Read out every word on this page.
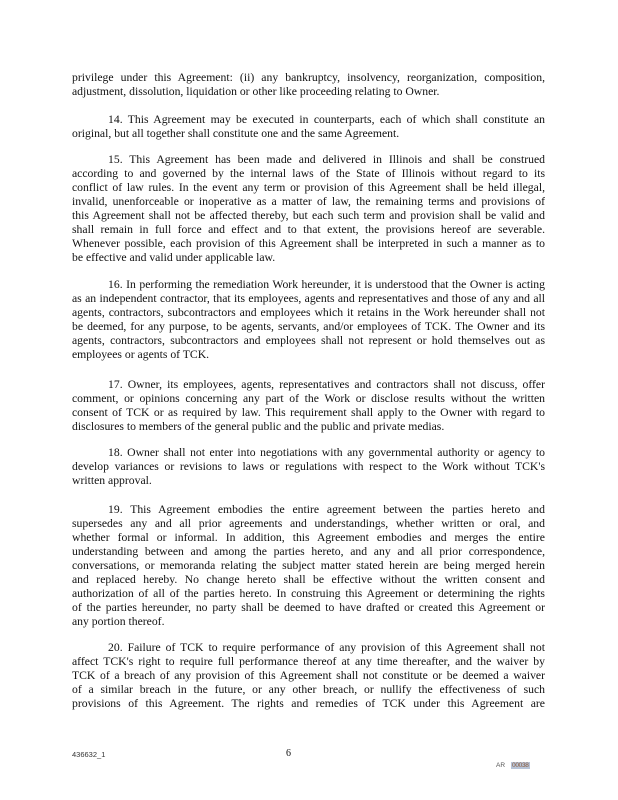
privilege under this Agreement: (ii) any bankruptcy, insolvency, reorganization, composition,
adjustment, dissolution, liquidation or other like proceeding relating to Owner.
14. This Agreement may be executed in counterparts, each of which shall constitute an
original, but all together shall constitute one and the same Agreement.
15. This Agreement has been made and delivered in Illinois and shall be construed
according to and governed by the internal laws of the State of Illinois without regard to its
conflict of law rules. In the event any term or provision of this Agreement shall be held illegal,
invalid, unenforceable or inoperative as a matter of law, the remaining terms and provisions of
this Agreement shall not be affected thereby, but each such term and provision shall be valid and
shall remain in full force and effect and to that extent, the provisions hereof are severable.
Whenever possible, each provision of this Agreement shall be interpreted in such a manner as to
be effective and valid under applicable law.
16. In performing the remediation Work hereunder, it is understood that the Owner is acting
as an independent contractor, that its employees, agents and representatives and those of any and all
agents, contractors, subcontractors and employees which it retains in the Work hereunder shall not
be deemed, for any purpose, to be agents, servants, and/or employees of TCK. The Owner and its
agents, contractors, subcontractors and employees shall not represent or hold themselves out as
employees or agents of TCK.
17. Owner, its employees, agents, representatives and contractors shall not discuss, offer
comment, or opinions concerning any part of the Work or disclose results without the written
consent of TCK or as required by law. This requirement shall apply to the Owner with regard to
disclosures to members of the general public and the public and private medias.
18. Owner shall not enter into negotiations with any governmental authority or agency to
develop variances or revisions to laws or regulations with respect to the Work without TCK's
written approval.
19. This Agreement embodies the entire agreement between the parties hereto and
supersedes any and all prior agreements and understandings, whether written or oral, and
whether formal or informal. In addition, this Agreement embodies and merges the entire
understanding between and among the parties hereto, and any and all prior correspondence,
conversations, or memoranda relating the subject matter stated herein are being merged herein
and replaced hereby. No change hereto shall be effective without the written consent and
authorization of all of the parties hereto. In construing this Agreement or determining the rights
of the parties hereunder, no party shall be deemed to have drafted or created this Agreement or
any portion thereof.
20. Failure of TCK to require performance of any provision of this Agreement shall not
affect TCK's right to require full performance thereof at any time thereafter, and the waiver by
TCK of a breach of any provision of this Agreement shall not constitute or be deemed a waiver
of a similar breach in the future, or any other breach, or nullify the effectiveness of such
provisions of this Agreement. The rights and remedies of TCK under this Agreement are
436632_1	6
AR 00038
